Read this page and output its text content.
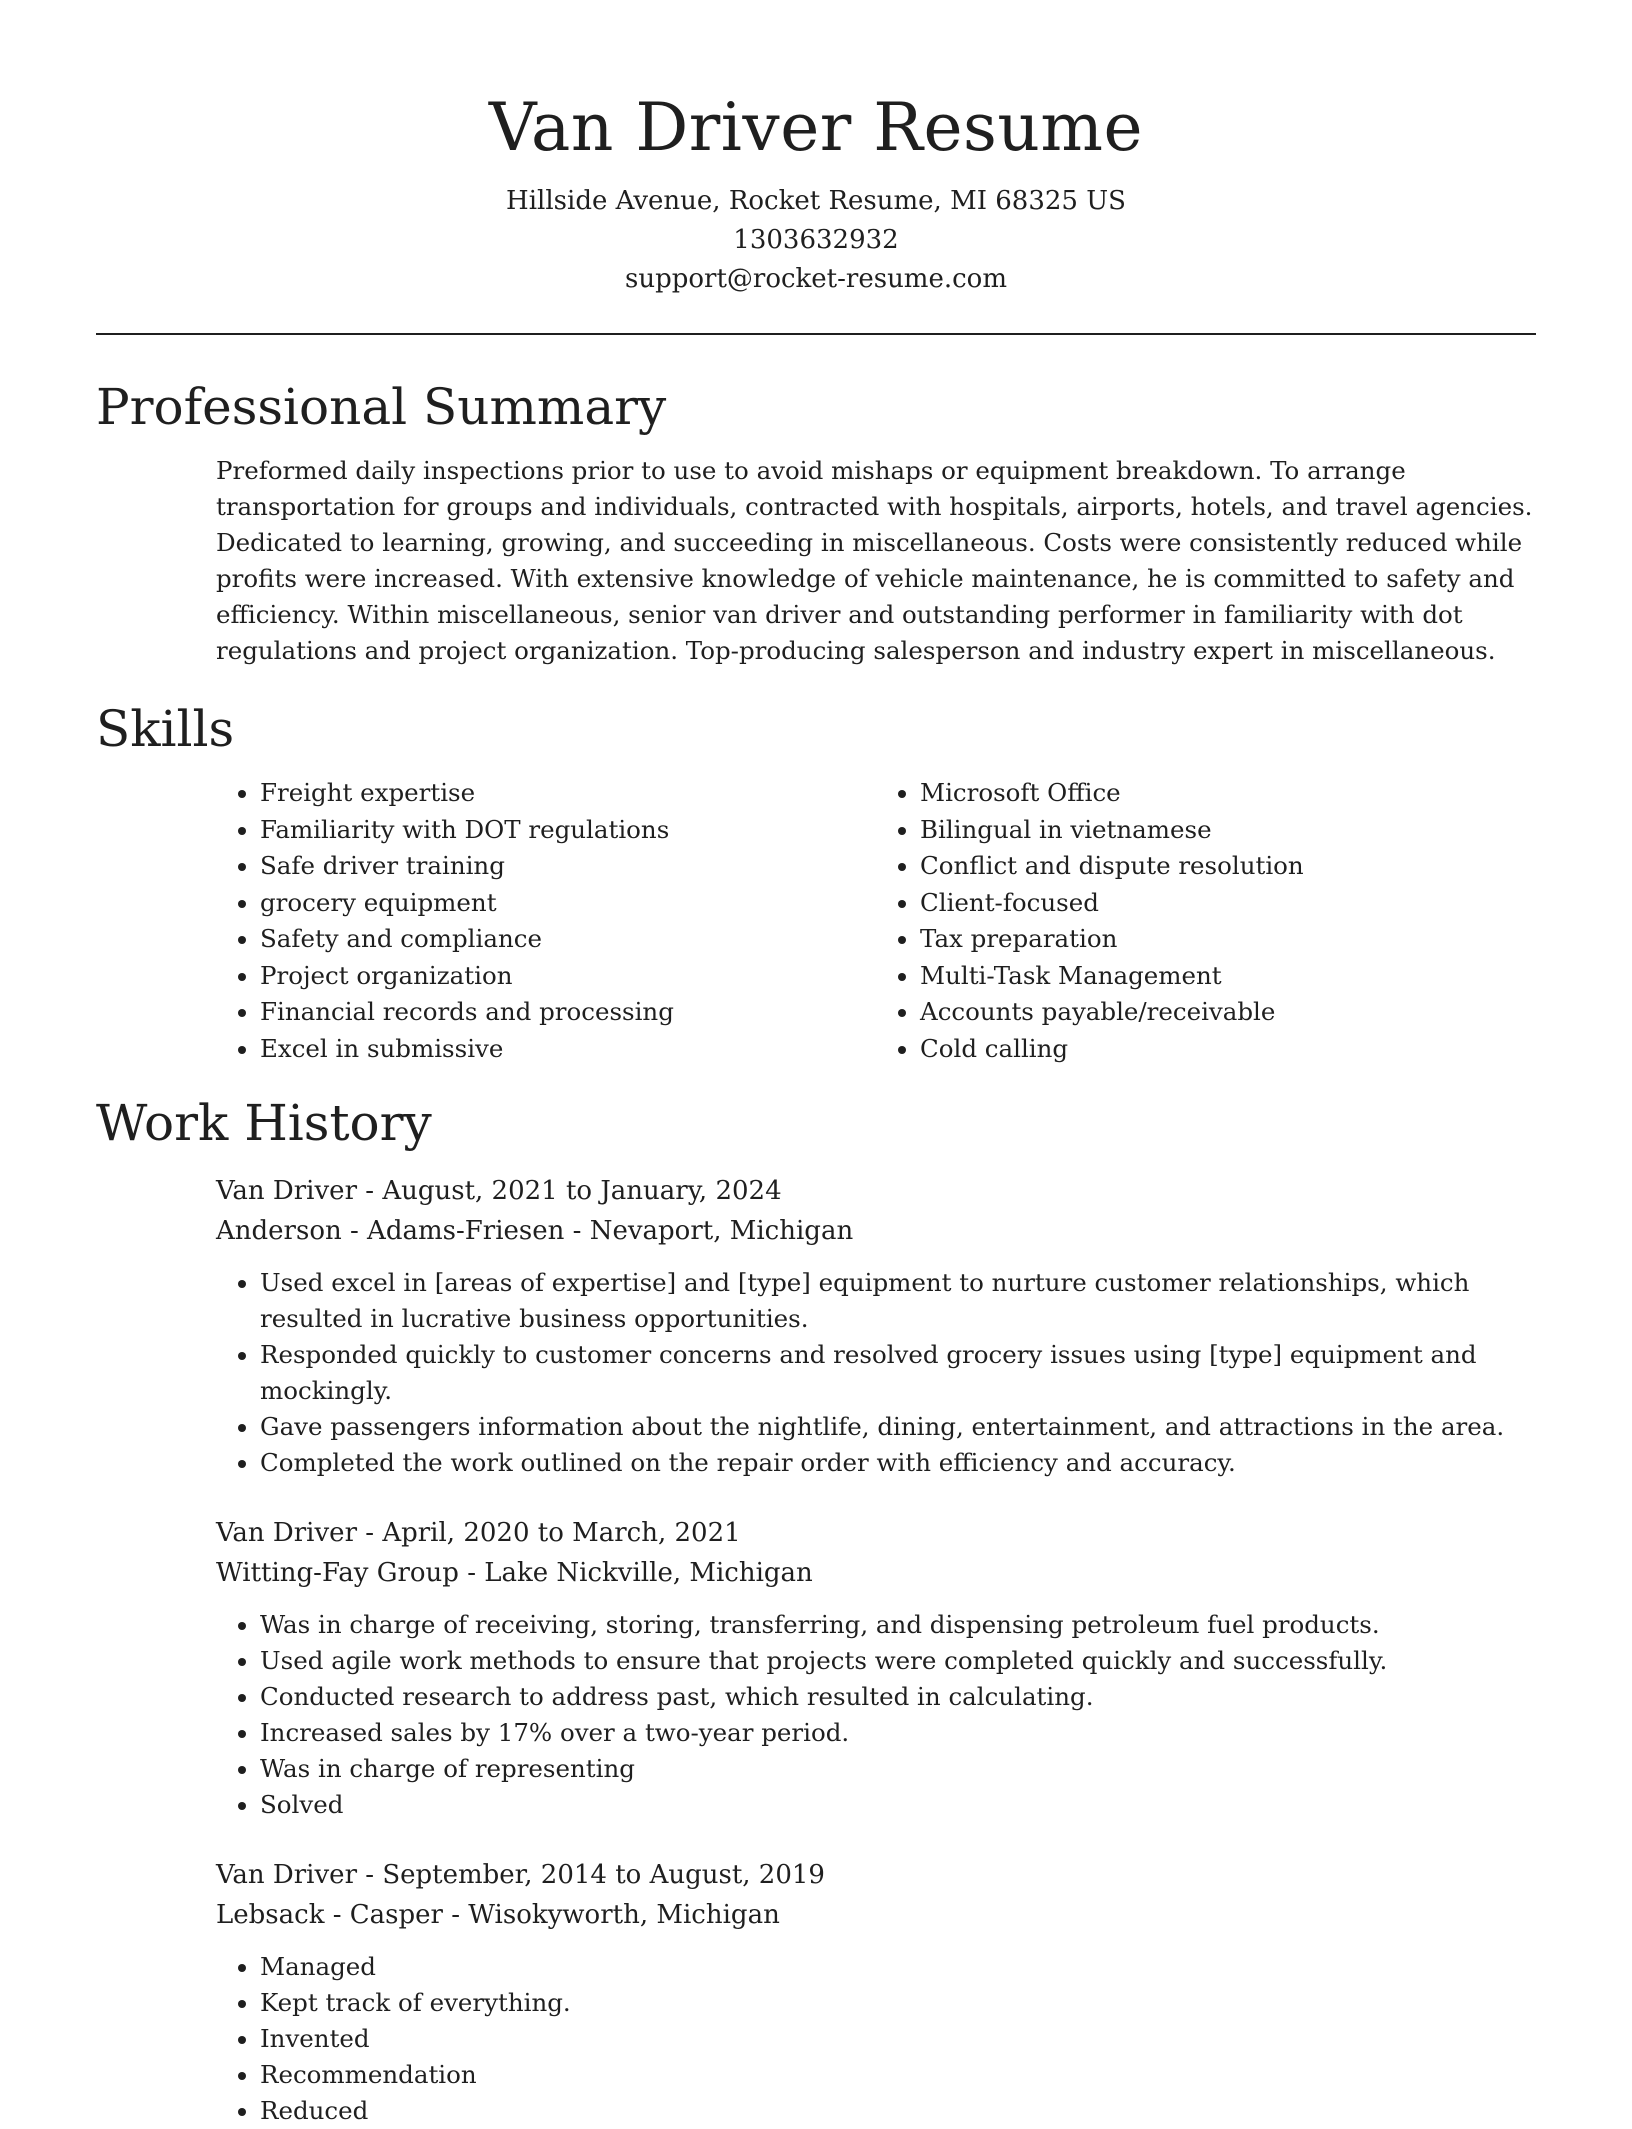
Van Driver Resume

Hillside Avenue, Rocket Resume, MI 68325 US

1303632932

support@rocket-resume.com

Professional Summary

Preformed daily inspections prior to use to avoid mishaps or equipment breakdown. To arrange transportation for groups and individuals, contracted with hospitals, airports, hotels, and travel agencies. Dedicated to learning, growing, and succeeding in miscellaneous. Costs were consistently reduced while profits were increased. With extensive knowledge of vehicle maintenance, he is committed to safety and efficiency. Within miscellaneous, senior van driver and outstanding performer in familiarity with dot regulations and project organization. Top-producing salesperson and industry expert in miscellaneous.

Skills
• Freight expertise
• Familiarity with DOT regulations
• Safe driver training
• grocery equipment
• Safety and compliance
• Project organization
• Financial records and processing
• Excel in submissive
• Microsoft Office
• Bilingual in vietnamese
• Conflict and dispute resolution
• Client-focused
• Tax preparation
• Multi-Task Management
• Accounts payable/receivable
• Cold calling
Work History

Van Driver - August, 2021 to January, 2024

Anderson - Adams-Friesen - Nevaport, Michigan

• Used excel in [areas of expertise] and [type] equipment to nurture customer relationships, which resulted in lucrative business opportunities.
• Responded quickly to customer concerns and resolved grocery issues using [type] equipment and mockingly.
• Gave passengers information about the nightlife, dining, entertainment, and attractions in the area.
• Completed the work outlined on the repair order with efficiency and accuracy.

Van Driver - April, 2020 to March, 2021

Witting-Fay Group - Lake Nickville, Michigan

• Was in charge of receiving, storing, transferring, and dispensing petroleum fuel products.
• Used agile work methods to ensure that projects were completed quickly and successfully.
• Conducted research to address past, which resulted in calculating.
• Increased sales by 17% over a two-year period.
• Was in charge of representing
• Solved

Van Driver - September, 2014 to August, 2019

Lebsack - Casper - Wisokyworth, Michigan

• Managed
• Kept track of everything.
• Invented
• Recommendation
• Reduced
